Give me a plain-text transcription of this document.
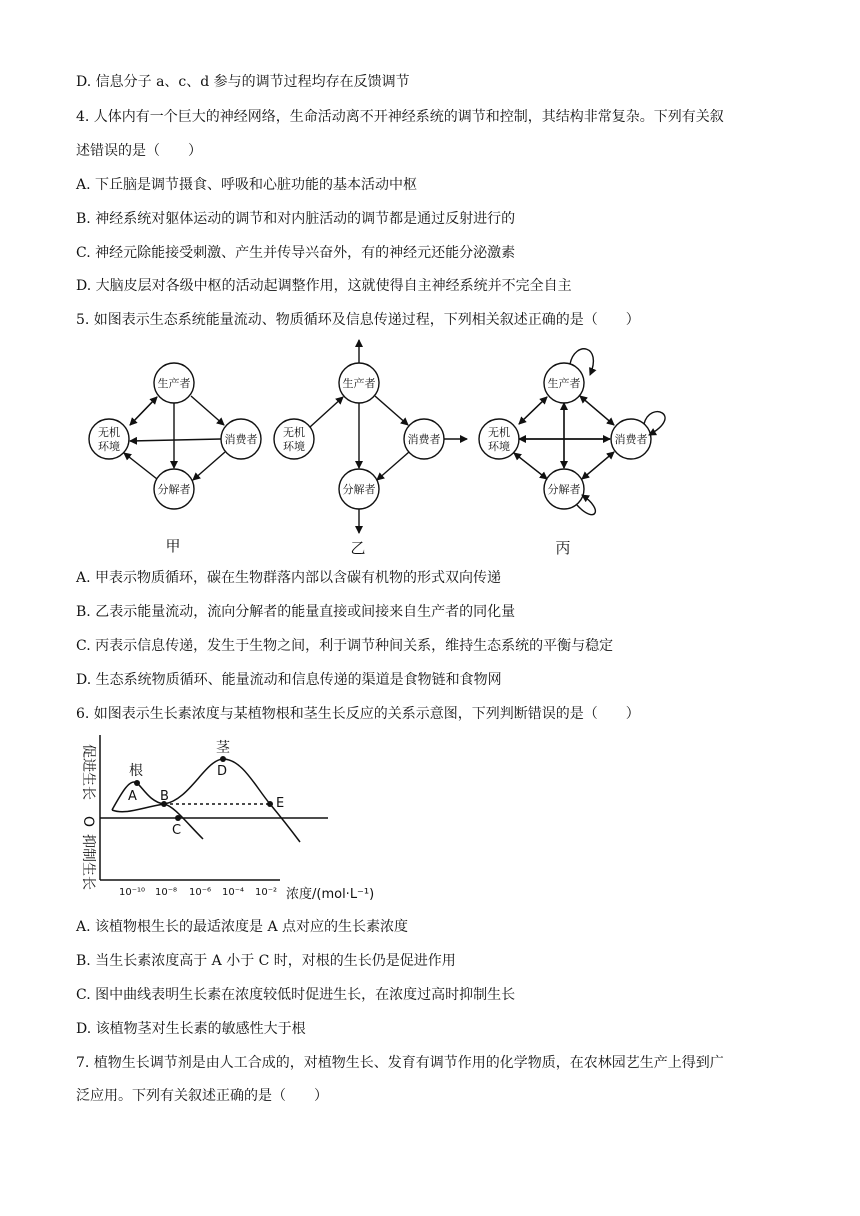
D. 信息分子 a、c、d 参与的调节过程均存在反馈调节
4. 人体内有一个巨大的神经网络，生命活动离不开神经系统的调节和控制，其结构非常复杂。下列有关叙
述错误的是（　　）
A. 下丘脑是调节摄食、呼吸和心脏功能的基本活动中枢
B. 神经系统对躯体运动的调节和对内脏活动的调节都是通过反射进行的
C. 神经元除能接受刺激、产生并传导兴奋外，有的神经元还能分泌激素
D. 大脑皮层对各级中枢的活动起调整作用，这就使得自主神经系统并不完全自主
5. 如图表示生态系统能量流动、物质循环及信息传递过程，下列相关叙述正确的是（　　）
生产者
无机
环境
消费者
分解者
生产者
无机
环境
消费者
分解者
生产者
无机
环境
消费者
分解者
甲	乙	丙
A. 甲表示物质循环，碳在生物群落内部以含碳有机物的形式双向传递
B. 乙表示能量流动，流向分解者的能量直接或间接来自生产者的同化量
C. 丙表示信息传递，发生于生物之间，利于调节种间关系，维持生态系统的平衡与稳定
D. 生态系统物质循环、能量流动和信息传递的渠道是食物链和食物网
6. 如图表示生长素浓度与某植物根和茎生长反应的关系示意图，下列判断错误的是（　　）
根
茎
A B
C
D
E
促进生长
O
抑制生长
10⁻¹⁰ 10⁻⁸ 10⁻⁶ 10⁻⁴ 10⁻² 浓度/(mol·L⁻¹)
A. 该植物根生长的最适浓度是 A 点对应的生长素浓度
B. 当生长素浓度高于 A 小于 C 时，对根的生长仍是促进作用
C. 图中曲线表明生长素在浓度较低时促进生长，在浓度过高时抑制生长
D. 该植物茎对生长素的敏感性大于根
7. 植物生长调节剂是由人工合成的，对植物生长、发育有调节作用的化学物质，在农林园艺生产上得到广
泛应用。下列有关叙述正确的是（　　）
